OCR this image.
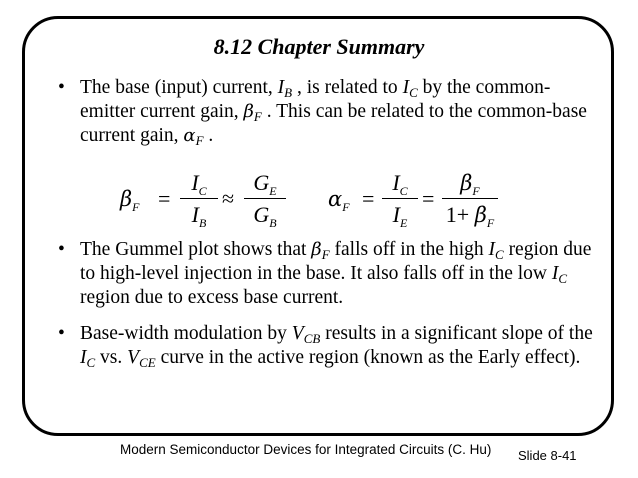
8.12 Chapter Summary
• The base (input) current, $I_B$ , is related to $I_C$ by the common-emitter current gain, $\beta_F$ . This can be related to the common-base current gain, $\alpha_F$ .
$\beta_F$ =
$I_C$
$I_B$
≈
$G_E$
$G_B$
$\alpha_F$ =
$I_C$
$I_E$
=
$\beta_F$
$1+ \beta_F$
• The Gummel plot shows that $\beta_F$ falls off in the high $I_C$ region due to high-level injection in the base. It also falls off in the low $I_C$ region due to excess base current.
• Base-width modulation by $V_{CB}$ results in a significant slope of the $I_C$ vs. $V_{CE}$ curve in the active region (known as the Early effect).
Modern Semiconductor Devices for Integrated Circuits (C. Hu) Slide 8-41
